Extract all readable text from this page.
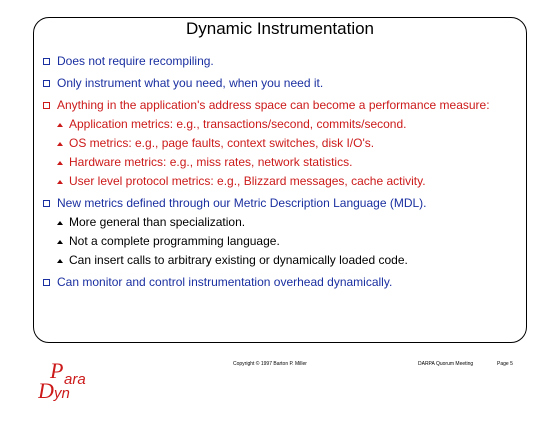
Dynamic Instrumentation
Does not require recompiling.
Only instrument what you need, when you need it.
Anything in the application's address space can become a performance measure:
Application metrics: e.g., transactions/second, commits/second.
OS metrics: e.g., page faults, context switches, disk I/O's.
Hardware metrics: e.g., miss rates, network statistics.
User level protocol metrics: e.g., Blizzard messages, cache activity.
New metrics defined through our Metric Description Language (MDL).
More general than specialization.
Not a complete programming language.
Can insert calls to arbitrary existing or dynamically loaded code.
Can monitor and control instrumentation overhead dynamically.
P ara
D yn
Copyright © 1997 Barton P. Miller	DARPA Quorum Meeting	Page 5
